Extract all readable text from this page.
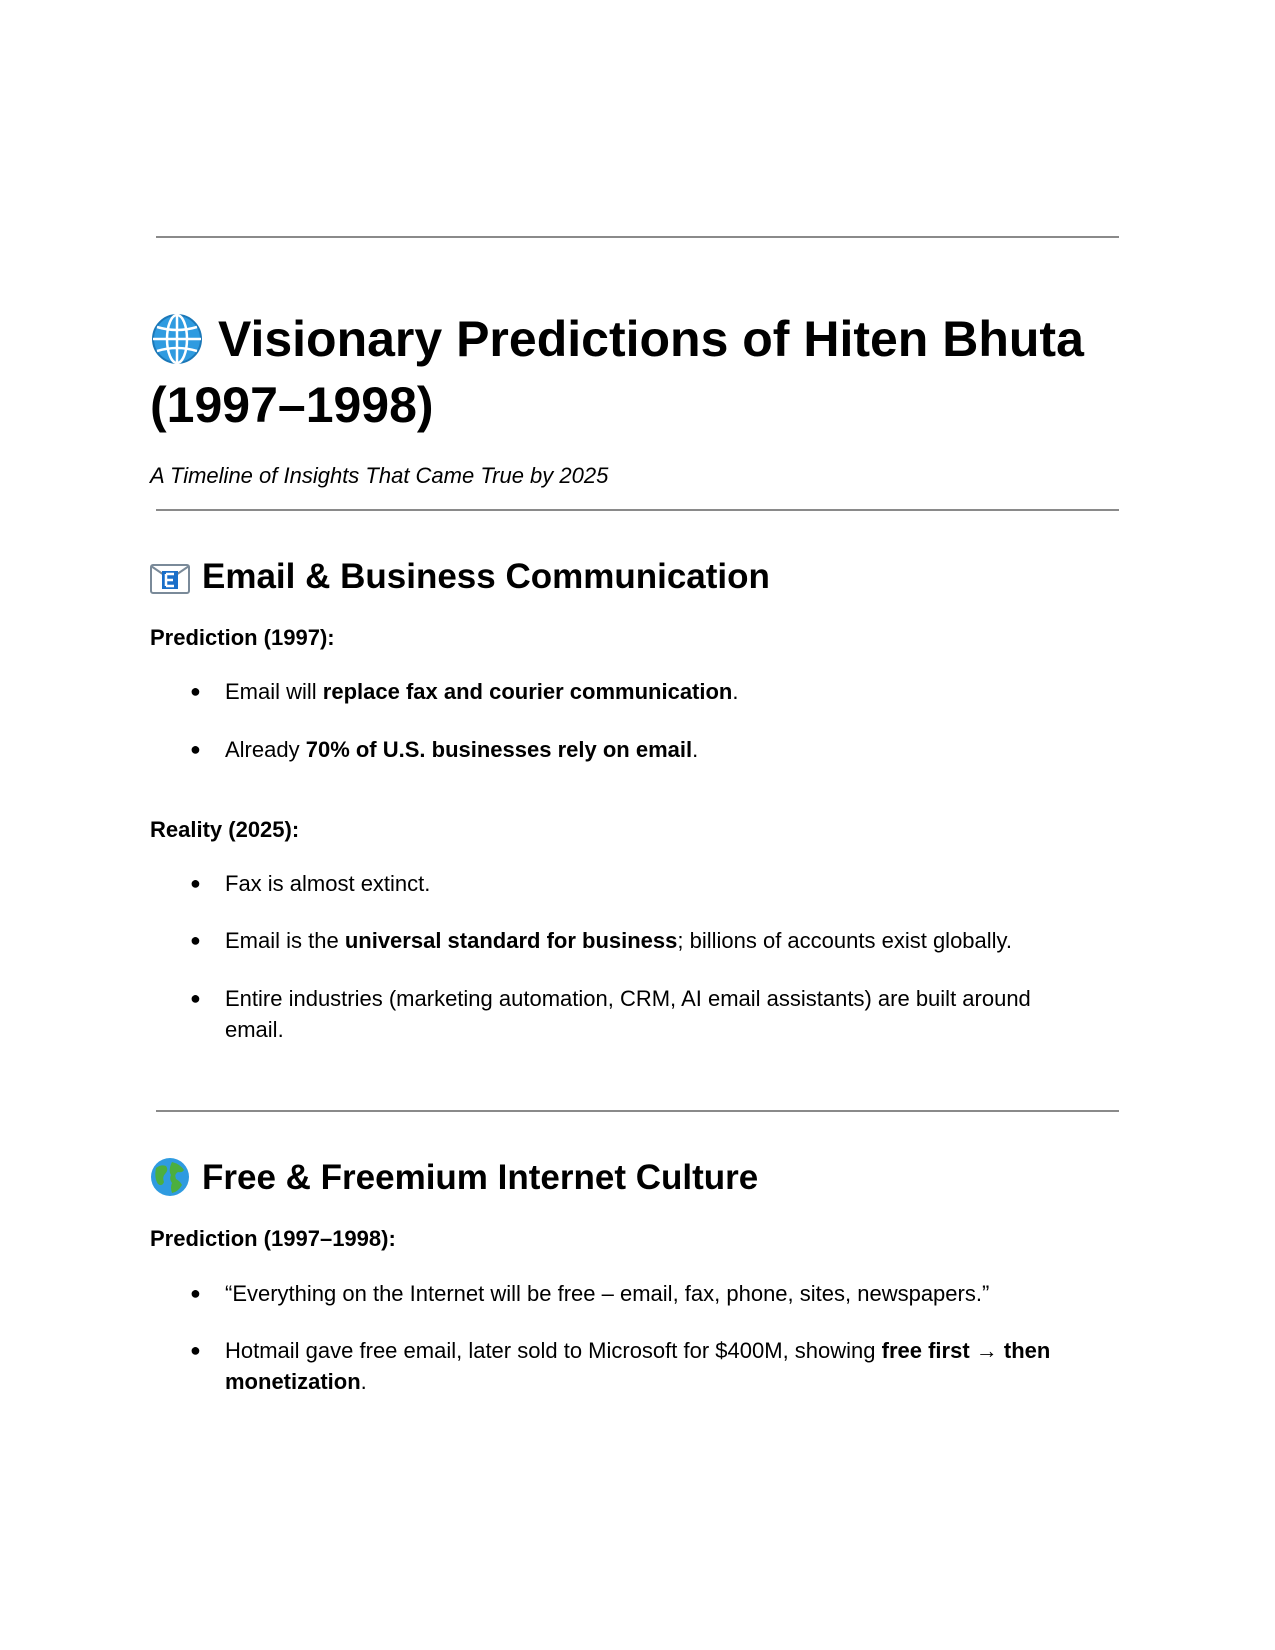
Visionary Predictions of Hiten Bhuta (1997–1998)

A Timeline of Insights That Came True by 2025

Email & Business Communication

Prediction (1997):

●	Email will replace fax and courier communication.
●	Already 70% of U.S. businesses rely on email.

Reality (2025):

●	Fax is almost extinct.
●	Email is the universal standard for business; billions of accounts exist globally.
●	Entire industries (marketing automation, CRM, AI email assistants) are built around email.
Free & Freemium Internet Culture

Prediction (1997–1998):

●	“Everything on the Internet will be free – email, fax, phone, sites, newspapers.”
●	Hotmail gave free email, later sold to Microsoft for $400M, showing free first → then monetization.
